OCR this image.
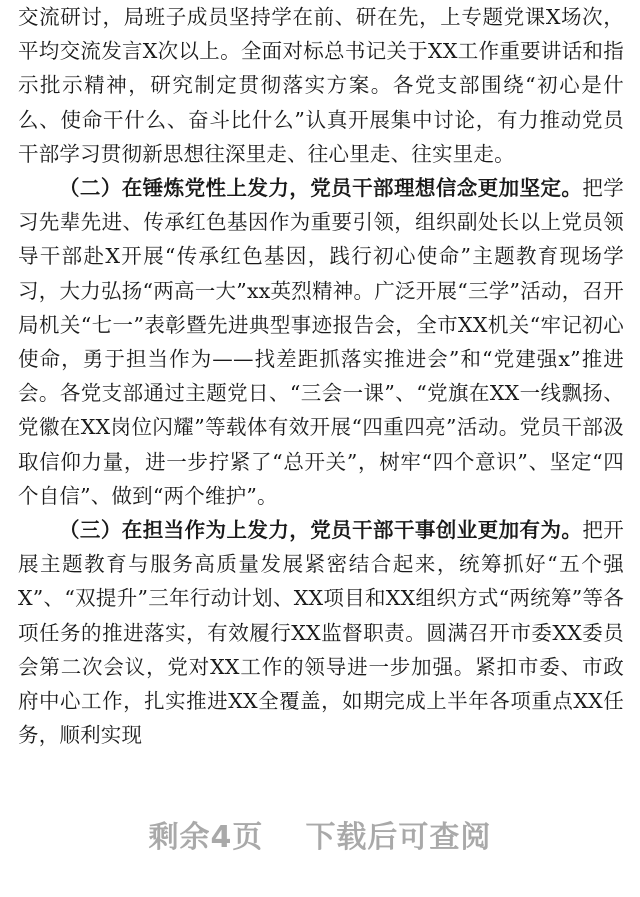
交流研讨，局班子成员坚持学在前、研在先，上专题党课X场次，平均交流发言X次以上。全面对标总书记关于XX工作重要讲话和指示批示精神，研究制定贯彻落实方案。各党支部围绕“初心是什么、使命干什么、奋斗比什么”认真开展集中讨论，有力推动党员干部学习贯彻新思想往深里走、往心里走、往实里走。

（二）在锤炼党性上发力，党员干部理想信念更加坚定。把学习先辈先进、传承红色基因作为重要引领，组织副处长以上党员领导干部赴X开展“传承红色基因，践行初心使命”主题教育现场学习，大力弘扬“两高一大”xx英烈精神。广泛开展“三学”活动，召开局机关“七一”表彰暨先进典型事迹报告会，全市XX机关“牢记初心使命，勇于担当作为——找差距抓落实推进会”和“党建强x”推进会。各党支部通过主题党日、“三会一课”、“党旗在XX一线飘扬、党徽在XX岗位闪耀”等载体有效开展“四重四亮”活动。党员干部汲取信仰力量，进一步拧紧了“总开关”，树牢“四个意识”、坚定“四个自信”、做到“两个维护”。

（三）在担当作为上发力，党员干部干事创业更加有为。把开展主题教育与服务高质量发展紧密结合起来，统筹抓好“五个强X”、“双提升”三年行动计划、XX项目和XX组织方式“两统筹”等各项任务的推进落实，有效履行XX监督职责。圆满召开市委XX委员会第二次会议，党对XX工作的领导进一步加强。紧扣市委、市政府中心工作，扎实推进XX全覆盖，如期完成上半年各项重点XX任务，顺利实现

剩余4页 下载后可查阅
